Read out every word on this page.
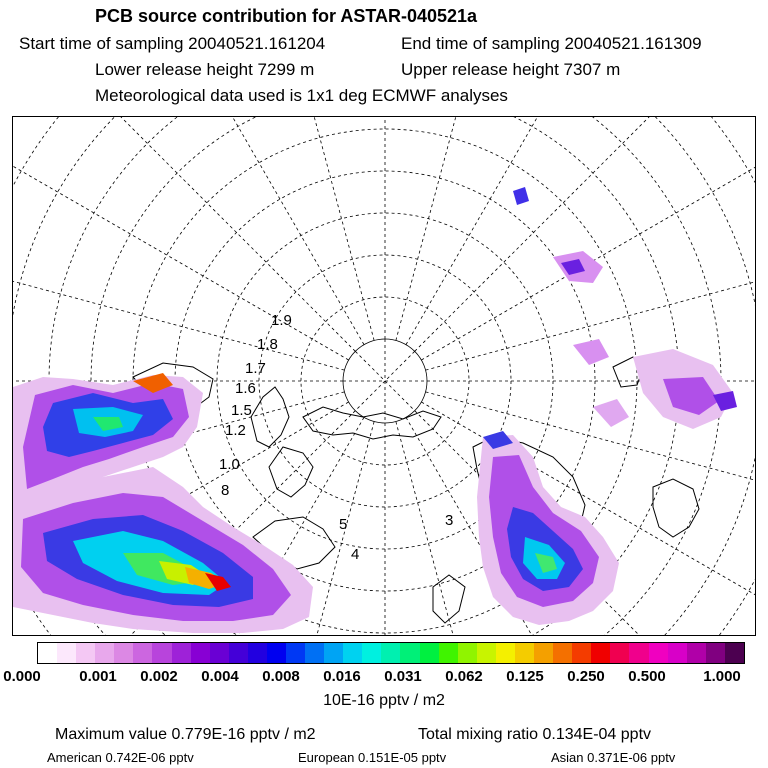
PCB source contribution for ASTAR-040521a
Start time of sampling 20040521.161204	End time of sampling 20040521.161309
Lower release height 7299 m	Upper release height 7307 m
Meteorological data used is 1x1 deg ECMWF analyses
1.9
1.8
1.7
1.6
1.5
1.2
1.0
8
5	3
4
0.000	0.001 0.002 0.004 0.008 0.016 0.031 0.062 0.125 0.250 0.500 1.000
10E-16 pptv / m2
Maximum value 0.779E-16 pptv / m2	Total mixing ratio 0.134E-04 pptv
American 0.742E-06 pptv	European 0.151E-05 pptv	Asian 0.371E-06 pptv
